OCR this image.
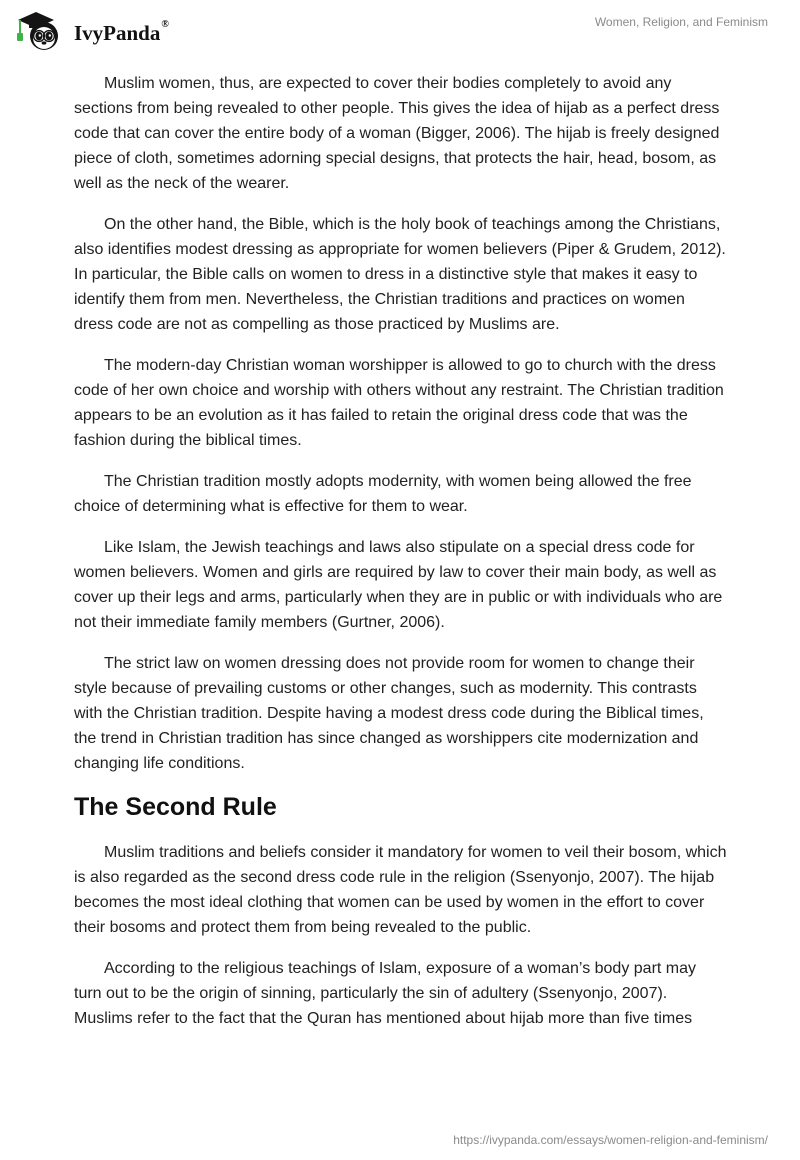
IvyPanda®	Women, Religion, and Feminism

Muslim women, thus, are expected to cover their bodies completely to avoid any sections from being revealed to other people. This gives the idea of hijab as a perfect dress code that can cover the entire body of a woman (Bigger, 2006). The hijab is freely designed piece of cloth, sometimes adorning special designs, that protects the hair, head, bosom, as well as the neck of the wearer.

On the other hand, the Bible, which is the holy book of teachings among the Christians, also identifies modest dressing as appropriate for women believers (Piper & Grudem, 2012). In particular, the Bible calls on women to dress in a distinctive style that makes it easy to identify them from men. Nevertheless, the Christian traditions and practices on women dress code are not as compelling as those practiced by Muslims are.

The modern-day Christian woman worshipper is allowed to go to church with the dress code of her own choice and worship with others without any restraint. The Christian tradition appears to be an evolution as it has failed to retain the original dress code that was the fashion during the biblical times.

The Christian tradition mostly adopts modernity, with women being allowed the free choice of determining what is effective for them to wear.

Like Islam, the Jewish teachings and laws also stipulate on a special dress code for women believers. Women and girls are required by law to cover their main body, as well as cover up their legs and arms, particularly when they are in public or with individuals who are not their immediate family members (Gurtner, 2006).

The strict law on women dressing does not provide room for women to change their style because of prevailing customs or other changes, such as modernity. This contrasts with the Christian tradition. Despite having a modest dress code during the Biblical times, the trend in Christian tradition has since changed as worshippers cite modernization and changing life conditions.

The Second Rule

Muslim traditions and beliefs consider it mandatory for women to veil their bosom, which is also regarded as the second dress code rule in the religion (Ssenyonjo, 2007). The hijab becomes the most ideal clothing that women can be used by women in the effort to cover their bosoms and protect them from being revealed to the public.

According to the religious teachings of Islam, exposure of a woman’s body part may turn out to be the origin of sinning, particularly the sin of adultery (Ssenyonjo, 2007). Muslims refer to the fact that the Quran has mentioned about hijab more than five times

https://ivypanda.com/essays/women-religion-and-feminism/
